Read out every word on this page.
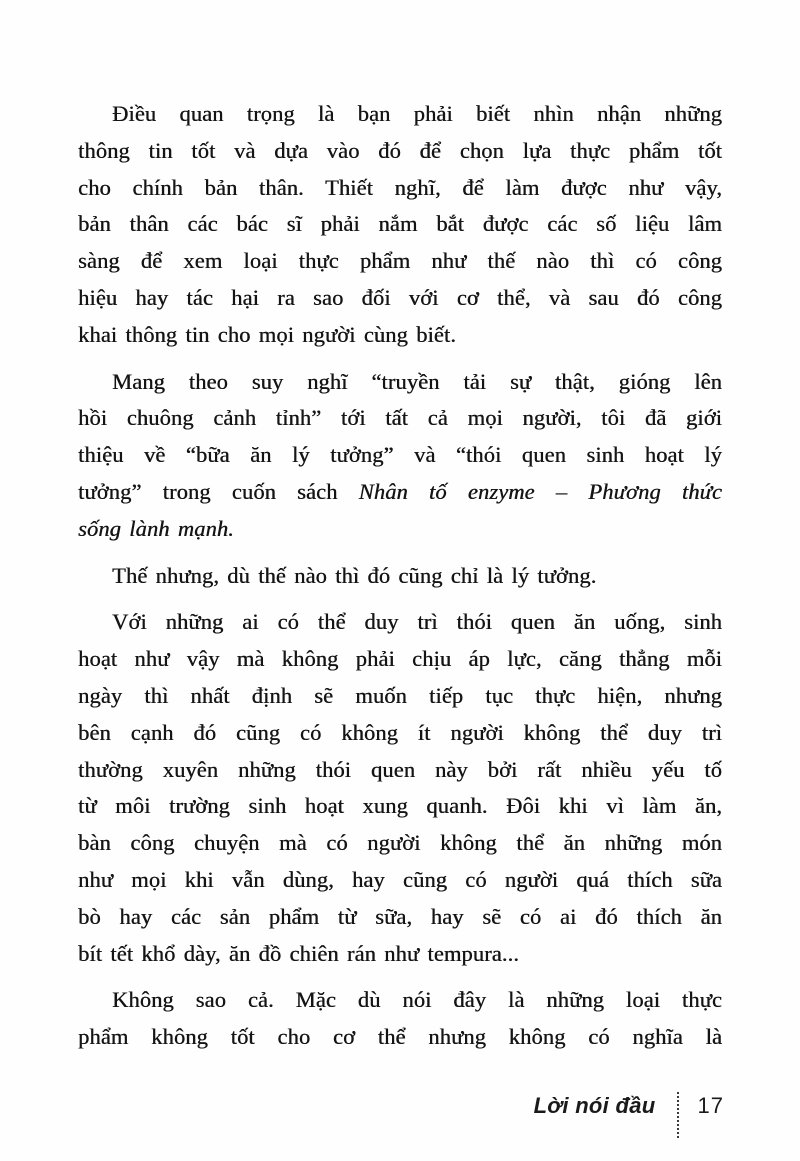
Điều quan trọng là bạn phải biết nhìn nhận những
thông tin tốt và dựa vào đó để chọn lựa thực phẩm tốt
cho chính bản thân. Thiết nghĩ, để làm được như vậy,
bản thân các bác sĩ phải nắm bắt được các số liệu lâm
sàng để xem loại thực phẩm như thế nào thì có công
hiệu hay tác hại ra sao đối với cơ thể, và sau đó công
khai thông tin cho mọi người cùng biết.
Mang theo suy nghĩ “truyền tải sự thật, gióng lên
hồi chuông cảnh tỉnh” tới tất cả mọi người, tôi đã giới
thiệu về “bữa ăn lý tưởng” và “thói quen sinh hoạt lý
tưởng” trong cuốn sách Nhân tố enzyme – Phương thức
sống lành mạnh.
Thế nhưng, dù thế nào thì đó cũng chỉ là lý tưởng.
Với những ai có thể duy trì thói quen ăn uống, sinh
hoạt như vậy mà không phải chịu áp lực, căng thẳng mỗi
ngày thì nhất định sẽ muốn tiếp tục thực hiện, nhưng
bên cạnh đó cũng có không ít người không thể duy trì
thường xuyên những thói quen này bởi rất nhiều yếu tố
từ môi trường sinh hoạt xung quanh. Đôi khi vì làm ăn,
bàn công chuyện mà có người không thể ăn những món
như mọi khi vẫn dùng, hay cũng có người quá thích sữa
bò hay các sản phẩm từ sữa, hay sẽ có ai đó thích ăn
bít tết khổ dày, ăn đồ chiên rán như tempura...
Không sao cả. Mặc dù nói đây là những loại thực
phẩm không tốt cho cơ thể nhưng không có nghĩa là
Lời nói đầu 17
